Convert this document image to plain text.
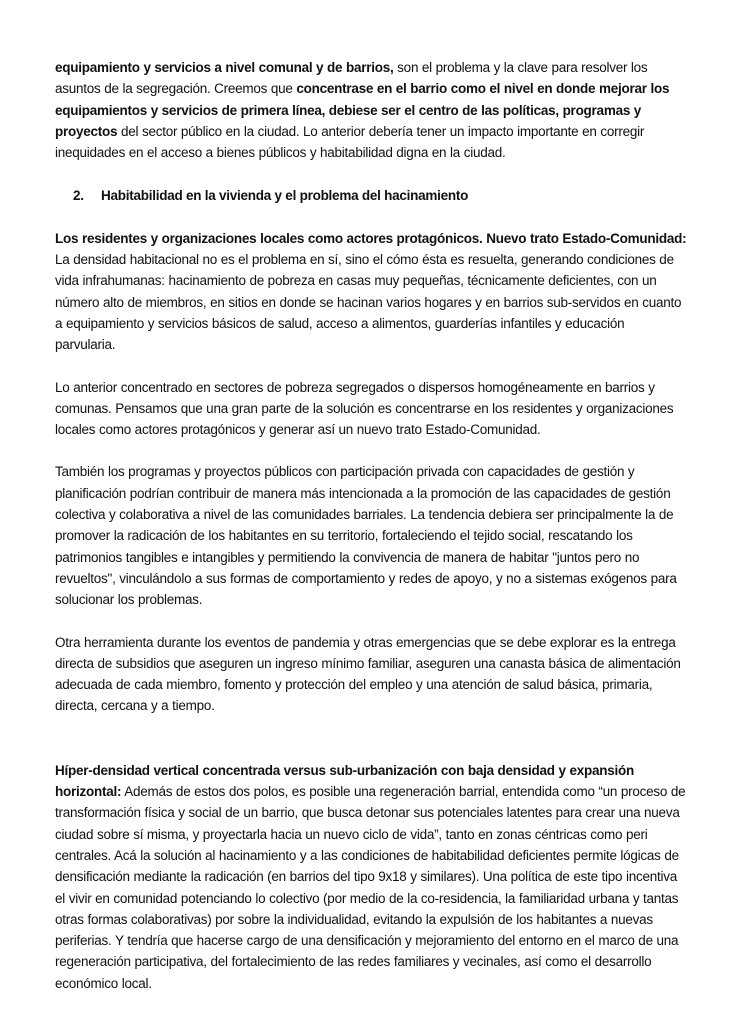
equipamiento y servicios a nivel comunal y de barrios, son el problema y la clave para resolver los asuntos de la segregación. Creemos que concentrase en el barrio como el nivel en donde mejorar los equipamientos y servicios de primera línea, debiese ser el centro de las políticas, programas y proyectos del sector público en la ciudad. Lo anterior debería tener un impacto importante en corregir inequidades en el acceso a bienes públicos y habitabilidad digna en la ciudad.

2.	Habitabilidad en la vivienda y el problema del hacinamiento

Los residentes y organizaciones locales como actores protagónicos. Nuevo trato Estado-Comunidad: La densidad habitacional no es el problema en sí, sino el cómo ésta es resuelta, generando condiciones de vida infrahumanas: hacinamiento de pobreza en casas muy pequeñas, técnicamente deficientes, con un número alto de miembros, en sitios en donde se hacinan varios hogares y en barrios sub-servidos en cuanto a equipamiento y servicios básicos de salud, acceso a alimentos, guarderías infantiles y educación parvularia.

Lo anterior concentrado en sectores de pobreza segregados o dispersos homogéneamente en barrios y comunas. Pensamos que una gran parte de la solución es concentrarse en los residentes y organizaciones locales como actores protagónicos y generar así un nuevo trato Estado-Comunidad.

También los programas y proyectos públicos con participación privada con capacidades de gestión y planificación podrían contribuir de manera más intencionada a la promoción de las capacidades de gestión colectiva y colaborativa a nivel de las comunidades barriales. La tendencia debiera ser principalmente la de promover la radicación de los habitantes en su territorio, fortaleciendo el tejido social, rescatando los patrimonios tangibles e intangibles y permitiendo la convivencia de manera de habitar "juntos pero no revueltos", vinculándolo a sus formas de comportamiento y redes de apoyo, y no a sistemas exógenos para solucionar los problemas.

Otra herramienta durante los eventos de pandemia y otras emergencias que se debe explorar es la entrega directa de subsidios que aseguren un ingreso mínimo familiar, aseguren una canasta básica de alimentación adecuada de cada miembro, fomento y protección del empleo y una atención de salud básica, primaria, directa, cercana y a tiempo.

Híper-densidad vertical concentrada versus sub-urbanización con baja densidad y expansión horizontal: Además de estos dos polos, es posible una regeneración barrial, entendida como “un proceso de transformación física y social de un barrio, que busca detonar sus potenciales latentes para crear una nueva ciudad sobre sí misma, y proyectarla hacia un nuevo ciclo de vida”, tanto en zonas céntricas como peri centrales. Acá la solución al hacinamiento y a las condiciones de habitabilidad deficientes permite lógicas de densificación mediante la radicación (en barrios del tipo 9x18 y similares). Una política de este tipo incentiva el vivir en comunidad potenciando lo colectivo (por medio de la co-residencia, la familiaridad urbana y tantas otras formas colaborativas) por sobre la individualidad, evitando la expulsión de los habitantes a nuevas periferias. Y tendría que hacerse cargo de una densificación y mejoramiento del entorno en el marco de una regeneración participativa, del fortalecimiento de las redes familiares y vecinales, así como el desarrollo económico local.
